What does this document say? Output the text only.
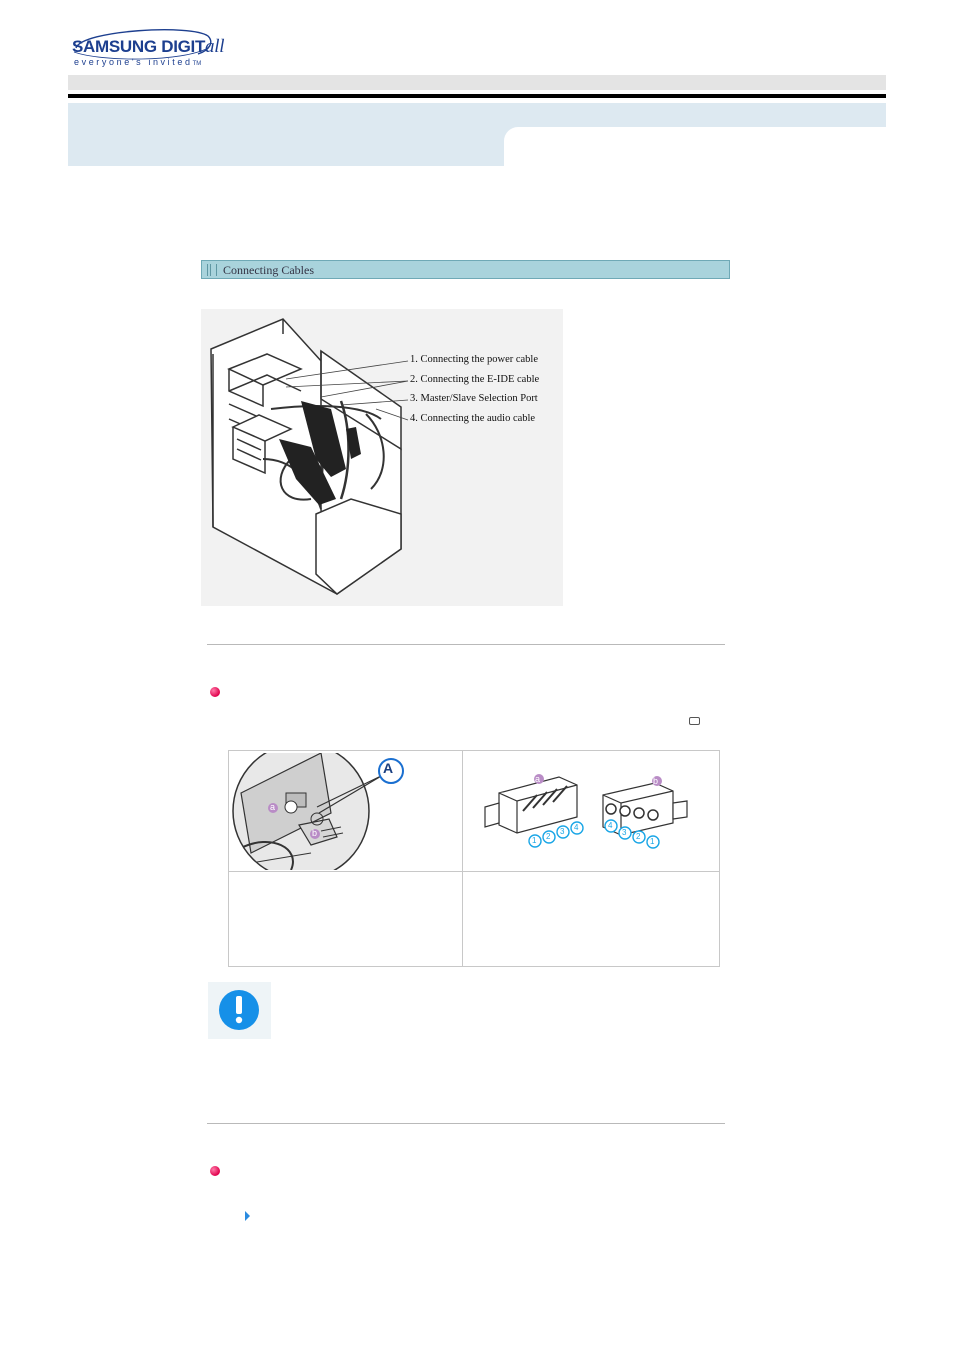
SAMSUNG DIGITall
everyone's invitedTM
Connecting Cables
1. Connecting the power cable
2. Connecting the E-IDE cable
3. Master/Slave Selection Port
4. Connecting the audio cable
A
a
b
a	b
1 2
3 4	4
3 2
1
